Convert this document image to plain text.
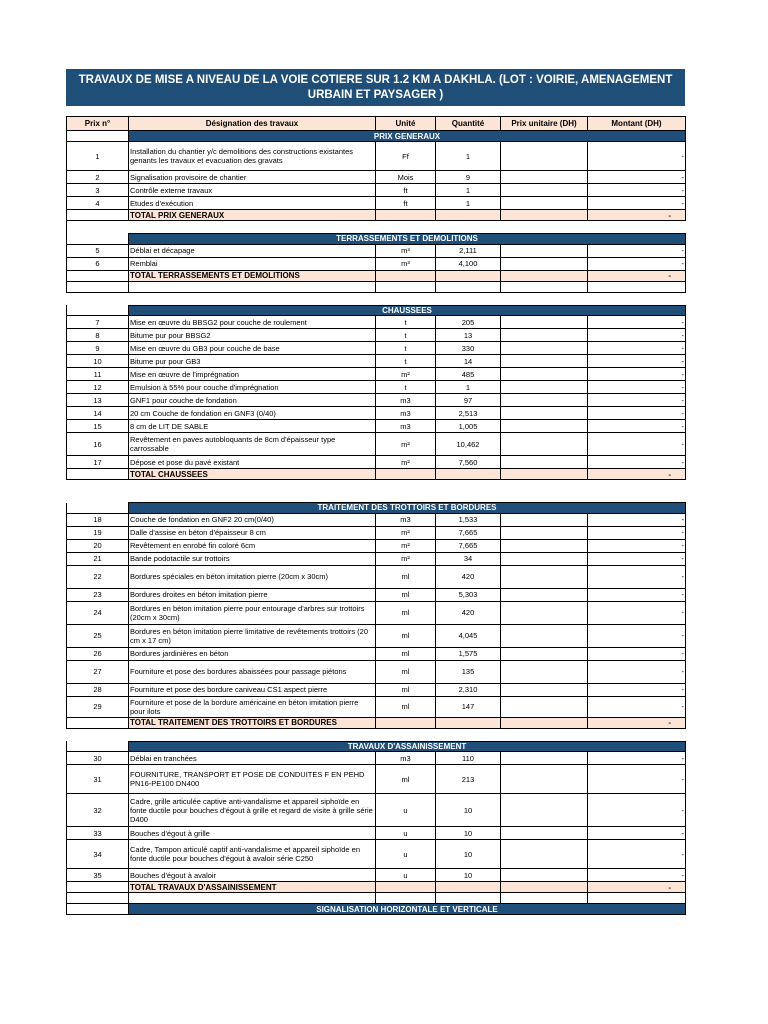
TRAVAUX DE MISE A NIVEAU DE LA VOIE COTIERE SUR 1.2 KM A DAKHLA. (LOT : VOIRIE, AMENAGEMENT URBAIN ET PAYSAGER )
Prix n°	Désignation des travaux	Unité	Quantité	Prix unitaire (DH)	Montant (DH)
	PRIX GENERAUX				
1	Installation du chantier y/c demolitions des constructions existantes genants les travaux et evacuation des gravats	Ff	1		-
2	Signalisation provisoire de chantier	Mois	9		-
3	Contrôle externe travaux	ft	1		-
4	Etudes d'exécution	ft	1		-
	TOTAL PRIX GENERAUX				-

	TERRASSEMENTS ET DEMOLITIONS				
5	Déblai et décapage	m³	2,111		-
6	Remblai	m³	4,100		-
	TOTAL TERRASSEMENTS ET DEMOLITIONS				-

	CHAUSSEES				
7	Mise en œuvre du BBSG2 pour couche de roulement	t	205		-
8	Bitume pur pour BBSG2	t	13		-
9	Mise en œuvre du GB3 pour couche de base	t	330		-
10	Bitume pur pour GB3	t	14		-
11	Mise en œuvre de l'imprégnation	m²	485		-
12	Emulsion à 55% pour couche d'imprégnation	t	1		-
13	GNF1 pour couche de fondation	m3	97		-
14	20 cm Couche de fondation en GNF3 (0/40)	m3	2,513		-
15	8 cm de LIT DE SABLE	m3	1,005		-
16	Revêtement en paves autobloquants de 8cm d'épaisseur type carrossable	m²	10,462		-
17	Dépose et pose du pavé existant	m²	7,560		-
	TOTAL CHAUSSEES				-

	TRAITEMENT DES TROTTOIRS ET BORDURES				
18	Couche de fondation en GNF2 20 cm(0/40)	m3	1,533		-
19	Dalle d'assise en béton d'épaisseur 8 cm	m²	7,665		-
20	Revêtement en enrobé fin coloré 6cm	m²	7,665		-
21	Bande podotactile sur trottoirs	m²	34		-
22	Bordures spéciales en béton imitation pierre (20cm x 30cm)	ml	420		-
23	Bordures droites en béton imitation pierre	ml	5,303		-
24	Bordures en béton imitation pierre pour entourage d'arbres sur trottoirs (20cm x 30cm)	ml	420		-
25	Bordures en béton imitation pierre limitative de revêtements trottoirs (20 cm x 17 cm)	ml	4,045		-
26	Bordures jardinières en béton	ml	1,575		-
27	Fourniture et pose des bordures abaissées pour passage piétons	ml	135		-
28	Fourniture et pose des bordure caniveau CS1 aspect pierre	ml	2,310		-
29	Fourniture et pose de la bordure américaine en béton imitation pierre pour ilots	ml	147		-
	TOTAL TRAITEMENT DES TROTTOIRS ET BORDURES				-

	TRAVAUX D'ASSAINISSEMENT				
30	Déblai en tranchées	m3	110		-
31	FOURNITURE, TRANSPORT ET POSE DE CONDUITES F EN PEHD PN16-PE100 DN400	ml	213		-
32	Cadre, grille articulée captive anti-vandalisme et appareil siphoïde en fonte ductile pour bouches d'égout à grille et regard de visite à grille série D400	u	10		-
33	Bouches d'égout à grille	u	10		-
34	Cadre, Tampon articulé captif anti-vandalisme et appareil siphoïde en fonte ductile pour bouches d'égout à avaloir série C250	u	10		-
35	Bouches d'égout à avaloir	u	10		-
	TOTAL TRAVAUX D'ASSAINISSEMENT				-

	SIGNALISATION HORIZONTALE ET VERTICALE				
